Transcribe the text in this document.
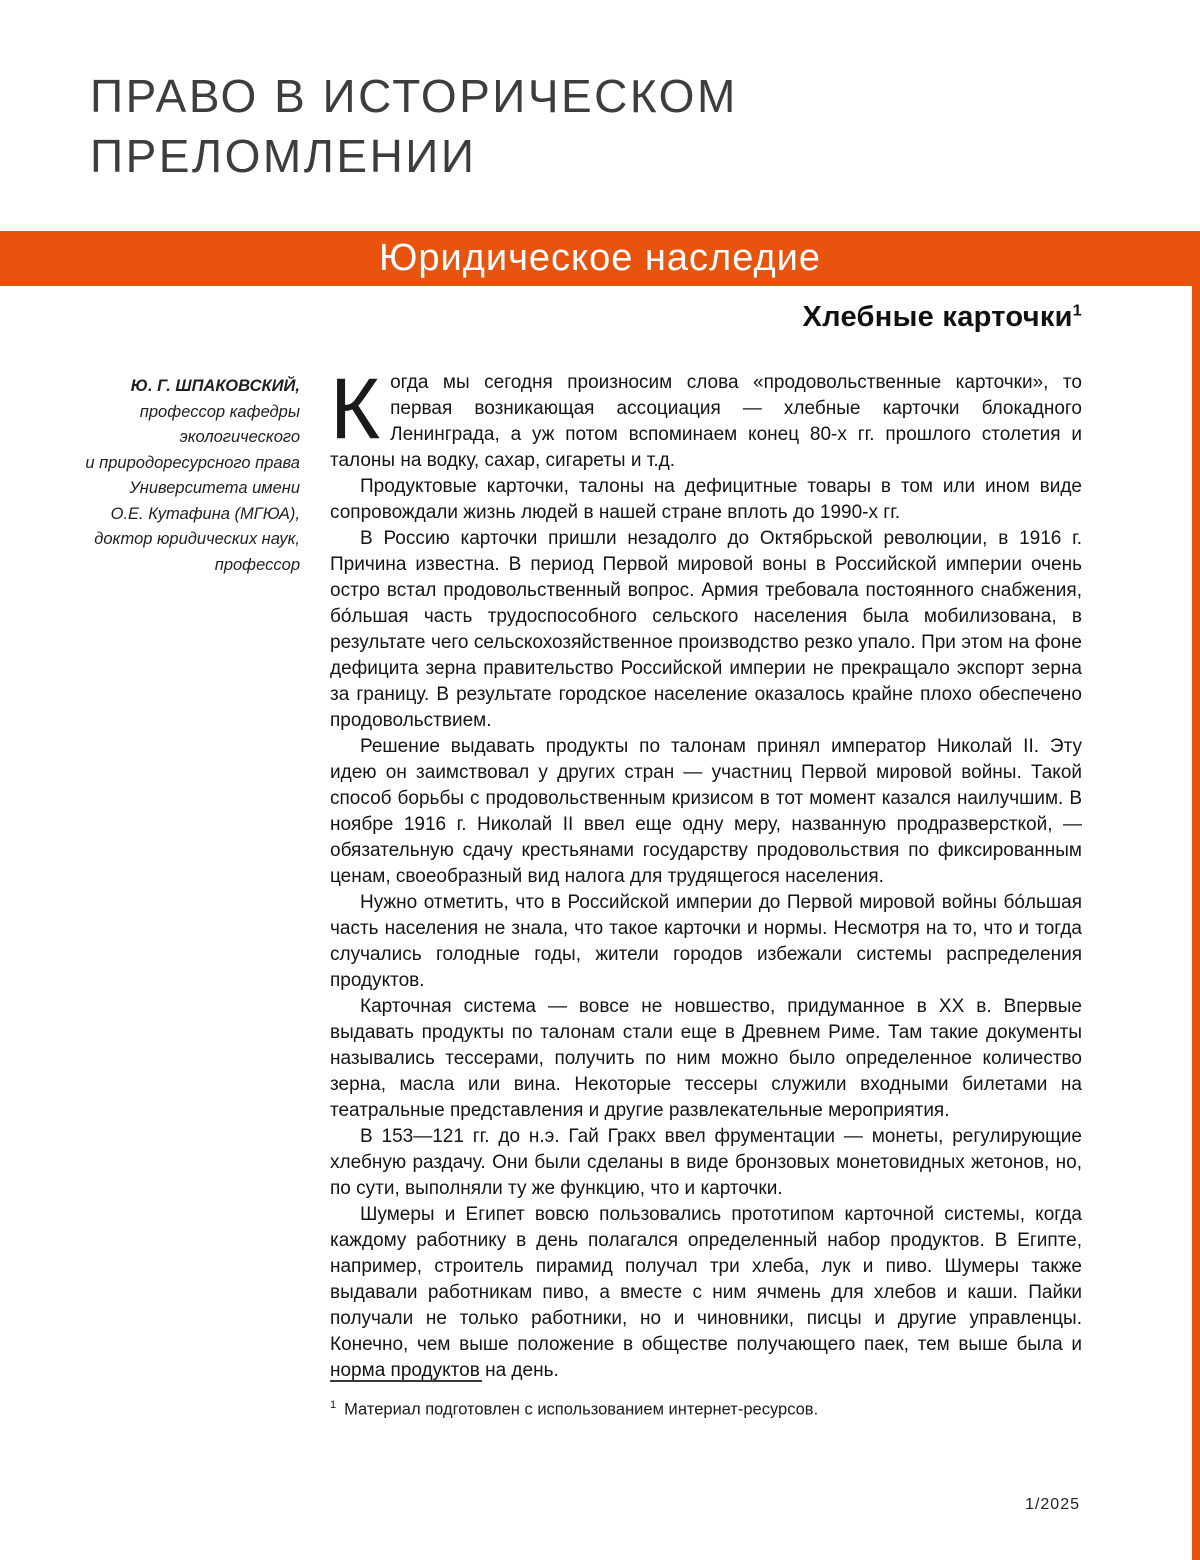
ПРАВО В ИСТОРИЧЕСКОМ
ПРЕЛОМЛЕНИИ
Юридическое наследие
Хлебные карточки$^1$
Ю. Г. ШПАКОВСКИЙ,
профессор кафедры
экологического
и природоресурсного права
Университета имени
О.Е. Кутафина (МГЮА),
доктор юридических наук,
профессор

Когда мы сегодня произносим слова «продовольственные карточки», то первая возникающая ассоциация — хлебные карточки блокадного Ленинграда, а уж потом вспоминаем конец 80-х гг. прошлого столетия и талоны на водку, сахар, сигареты и т.д.

Продуктовые карточки, талоны на дефицитные товары в том или ином виде сопровождали жизнь людей в нашей стране вплоть до 1990-х гг.

В Россию карточки пришли незадолго до Октябрьской революции, в 1916 г. Причина известна. В период Первой мировой воны в Российской империи очень остро встал продовольственный вопрос. Армия требовала постоянного снабжения, бо́льшая часть трудоспособного сельского населения была мобилизована, в результате чего сельскохозяйственное производство резко упало. При этом на фоне дефицита зерна правительство Российской империи не прекращало экспорт зерна за границу. В результате городское население оказалось крайне плохо обеспечено продовольствием.

Решение выдавать продукты по талонам принял император Николай II. Эту идею он заимствовал у других стран — участниц Первой мировой войны. Такой способ борьбы с продовольственным кризисом в тот момент казался наилучшим. В ноябре 1916 г. Николай II ввел еще одну меру, названную продразверсткой, — обязательную сдачу крестьянами государству продовольствия по фиксированным ценам, своеобразный вид налога для трудящегося населения.

Нужно отметить, что в Российской империи до Первой мировой войны бо́льшая часть населения не знала, что такое карточки и нормы. Несмотря на то, что и тогда случались голодные годы, жители городов избежали системы распределения продуктов.

Карточная система — вовсе не новшество, придуманное в XX в. Впервые выдавать продукты по талонам стали еще в Древнем Риме. Там такие документы назывались тессерами, получить по ним можно было определенное количество зерна, масла или вина. Некоторые тессеры служили входными билетами на театральные представления и другие развлекательные мероприятия.

В 153—121 гг. до н.э. Гай Гракх ввел фрументации — монеты, регулирующие хлебную раздачу. Они были сделаны в виде бронзовых монетовидных жетонов, но, по сути, выполняли ту же функцию, что и карточки.

Шумеры и Египет вовсю пользовались прототипом карточной системы, когда каждому работнику в день полагался определенный набор продуктов. В Египте, например, строитель пирамид получал три хлеба, лук и пиво. Шумеры также выдавали работникам пиво, а вместе с ним ячмень для хлебов и каши. Пайки получали не только работники, но и чиновники, писцы и другие управленцы. Конечно, чем выше положение в обществе получающего паек, тем выше была и норма продуктов на день.

$^1$ Материал подготовлен с использованием интернет-ресурсов.
1/2025
